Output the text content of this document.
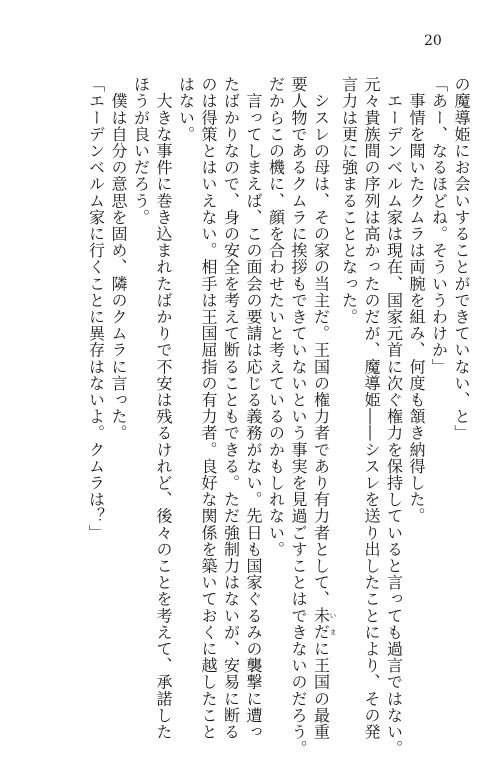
20

の魔導姫にお会いすることができていない、と」

「あー、なるほどね。そういうわけか」

　事情を聞いたクムラは両腕を組み、何度も頷き納得した。

　エーデンベルム家は現在、国家元首に次ぐ権力を保持していると言っても過言ではない。

元々貴族間の序列は高かったのだが、魔導姫――シスレを送り出したことにより、その発

言力は更に強まることとなった。

　シスレの母は、その家の当主だ。王国の権力者であり有力者として、未だいまに王国の最重

要人物であるクムラに挨拶もできていないという事実を見過ごすことはできないのだろう。

だからこの機に、顔を合わせたいと考えているのかもしれない。

　言ってしまえば、この面会の要請は応じる義務がない。先日も国家ぐるみの襲撃に遭っ

たばかりなので、身の安全を考えて断ることもできる。ただ強制力はないが、安易に断る

のは得策とはいえない。相手は王国屈指の有力者。良好な関係を築いておくに越したこと

はない。

　大きな事件に巻き込まれたばかりで不安は残るけれど、後々のことを考えて、承諾した

ほうが良いだろう。

　僕は自分の意思を固め、隣のクムラに言った。

「エーデンベルム家に行くことに異存はないよ。クムラは？」
